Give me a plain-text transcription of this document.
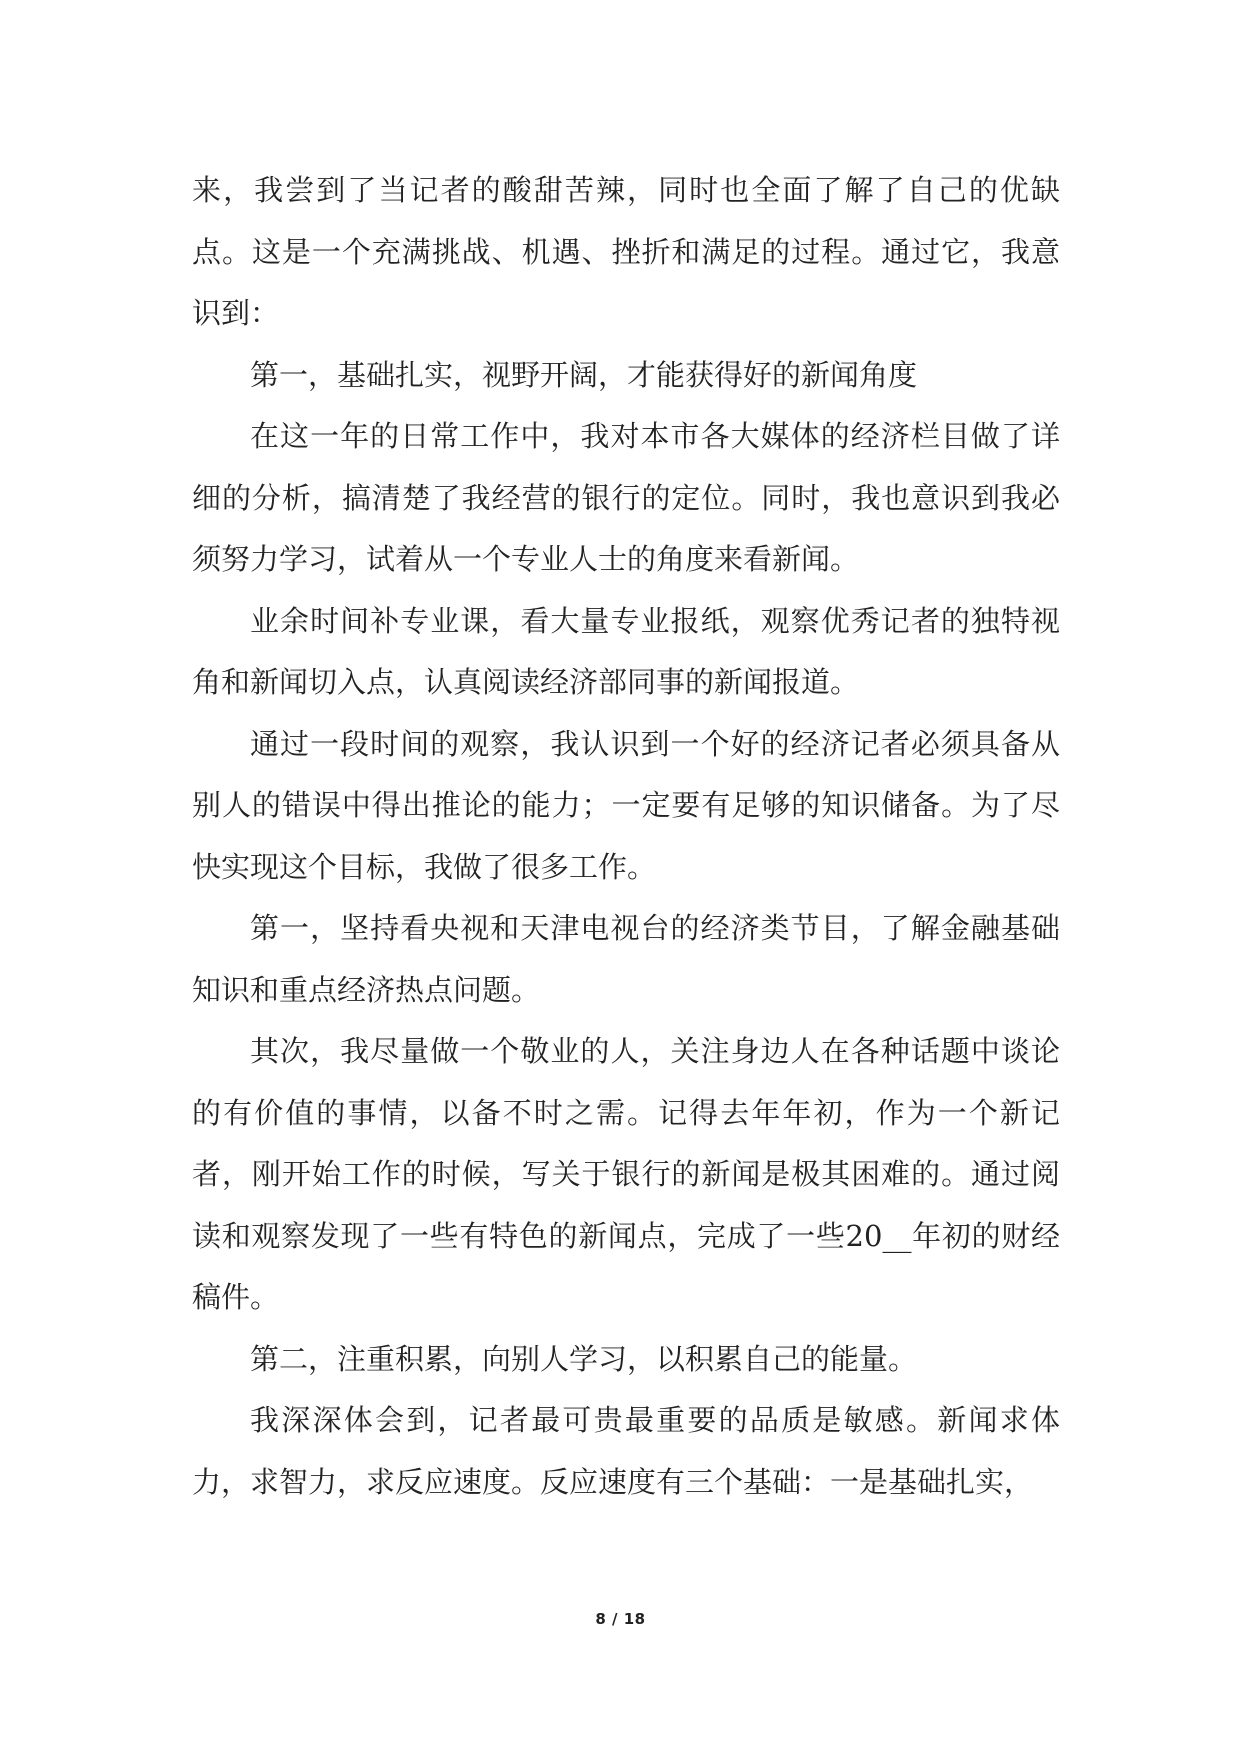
来，我尝到了当记者的酸甜苦辣，同时也全面了解了自己的优缺点。这是一个充满挑战、机遇、挫折和满足的过程。通过它，我意识到：

第一，基础扎实，视野开阔，才能获得好的新闻角度

在这一年的日常工作中，我对本市各大媒体的经济栏目做了详细的分析，搞清楚了我经营的银行的定位。同时，我也意识到我必须努力学习，试着从一个专业人士的角度来看新闻。

业余时间补专业课，看大量专业报纸，观察优秀记者的独特视角和新闻切入点，认真阅读经济部同事的新闻报道。

通过一段时间的观察，我认识到一个好的经济记者必须具备从别人的错误中得出推论的能力；一定要有足够的知识储备。为了尽快实现这个目标，我做了很多工作。

第一，坚持看央视和天津电视台的经济类节目，了解金融基础知识和重点经济热点问题。

其次，我尽量做一个敬业的人，关注身边人在各种话题中谈论的有价值的事情，以备不时之需。记得去年年初，作为一个新记者，刚开始工作的时候，写关于银行的新闻是极其困难的。通过阅读和观察发现了一些有特色的新闻点，完成了一些20__年初的财经稿件。

第二，注重积累，向别人学习，以积累自己的能量。

我深深体会到，记者最可贵最重要的品质是敏感。新闻求体力，求智力，求反应速度。反应速度有三个基础：一是基础扎实，

8 / 18
